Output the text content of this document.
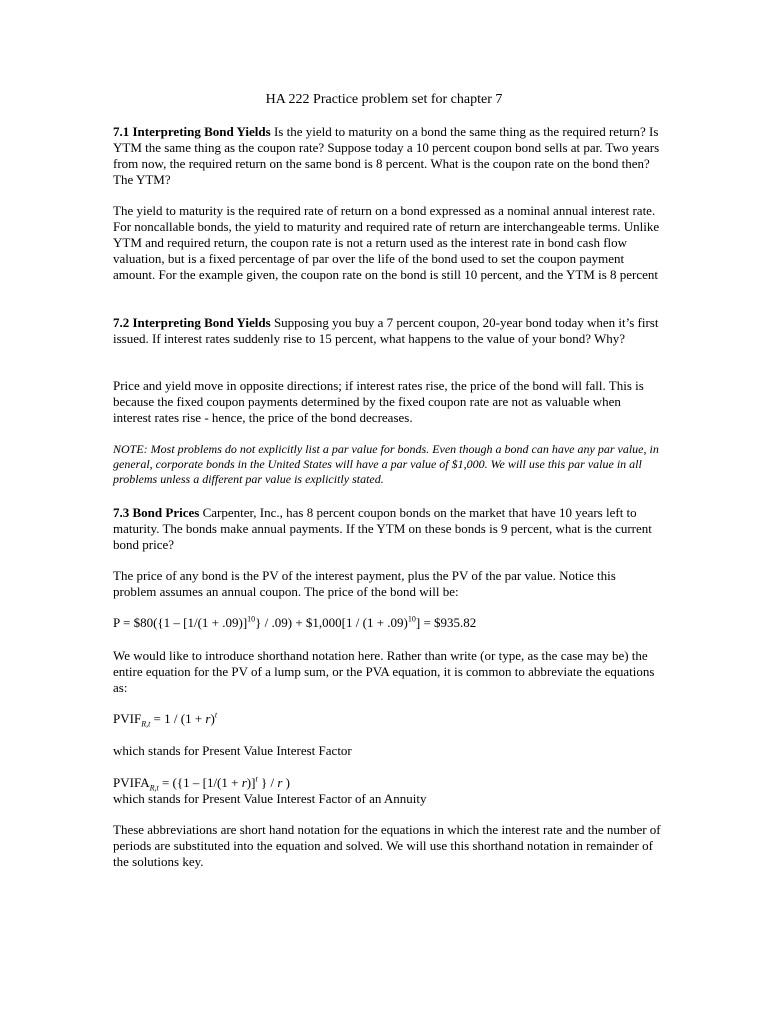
HA 222 Practice problem set for chapter 7

7.1 Interpreting Bond Yields Is the yield to maturity on a bond the same thing as the required return? Is YTM the same thing as the coupon rate? Suppose today a 10 percent coupon bond sells at par. Two years from now, the required return on the same bond is 8 percent. What is the coupon rate on the bond then? The YTM?

The yield to maturity is the required rate of return on a bond expressed as a nominal annual interest rate. For noncallable bonds, the yield to maturity and required rate of return are interchangeable terms. Unlike YTM and required return, the coupon rate is not a return used as the interest rate in bond cash flow valuation, but is a fixed percentage of par over the life of the bond used to set the coupon payment amount. For the example given, the coupon rate on the bond is still 10 percent, and the YTM is 8 percent

7.2 Interpreting Bond Yields Supposing you buy a 7 percent coupon, 20-year bond today when it’s first issued. If interest rates suddenly rise to 15 percent, what happens to the value of your bond? Why?

Price and yield move in opposite directions; if interest rates rise, the price of the bond will fall. This is because the fixed coupon payments determined by the fixed coupon rate are not as valuable when interest rates rise - hence, the price of the bond decreases.

NOTE: Most problems do not explicitly list a par value for bonds. Even though a bond can have any par value, in general, corporate bonds in the United States will have a par value of $1,000. We will use this par value in all problems unless a different par value is explicitly stated.

7.3 Bond Prices Carpenter, Inc., has 8 percent coupon bonds on the market that have 10 years left to maturity. The bonds make annual payments. If the YTM on these bonds is 9 percent, what is the current bond price?

The price of any bond is the PV of the interest payment, plus the PV of the par value. Notice this problem assumes an annual coupon. The price of the bond will be:

P = $80({1 – $[1/(1 + .09)]^{10}\} / .09$) + $1,000[1 / $(1 + .09)^{10}$] = $935.82

We would like to introduce shorthand notation here. Rather than write (or type, as the case may be) the entire equation for the PV of a lump sum, or the PVA equation, it is common to abbreviate the equations as:

$PVIF_{R,t} = 1 / (1 + r)^t$

which stands for Present Value Interest Factor

$PVIFA_{R,t} = (\{1 - [1/(1 + r)]^t$ } / r )

which stands for Present Value Interest Factor of an Annuity

These abbreviations are short hand notation for the equations in which the interest rate and the number of periods are substituted into the equation and solved. We will use this shorthand notation in remainder of the solutions key.
